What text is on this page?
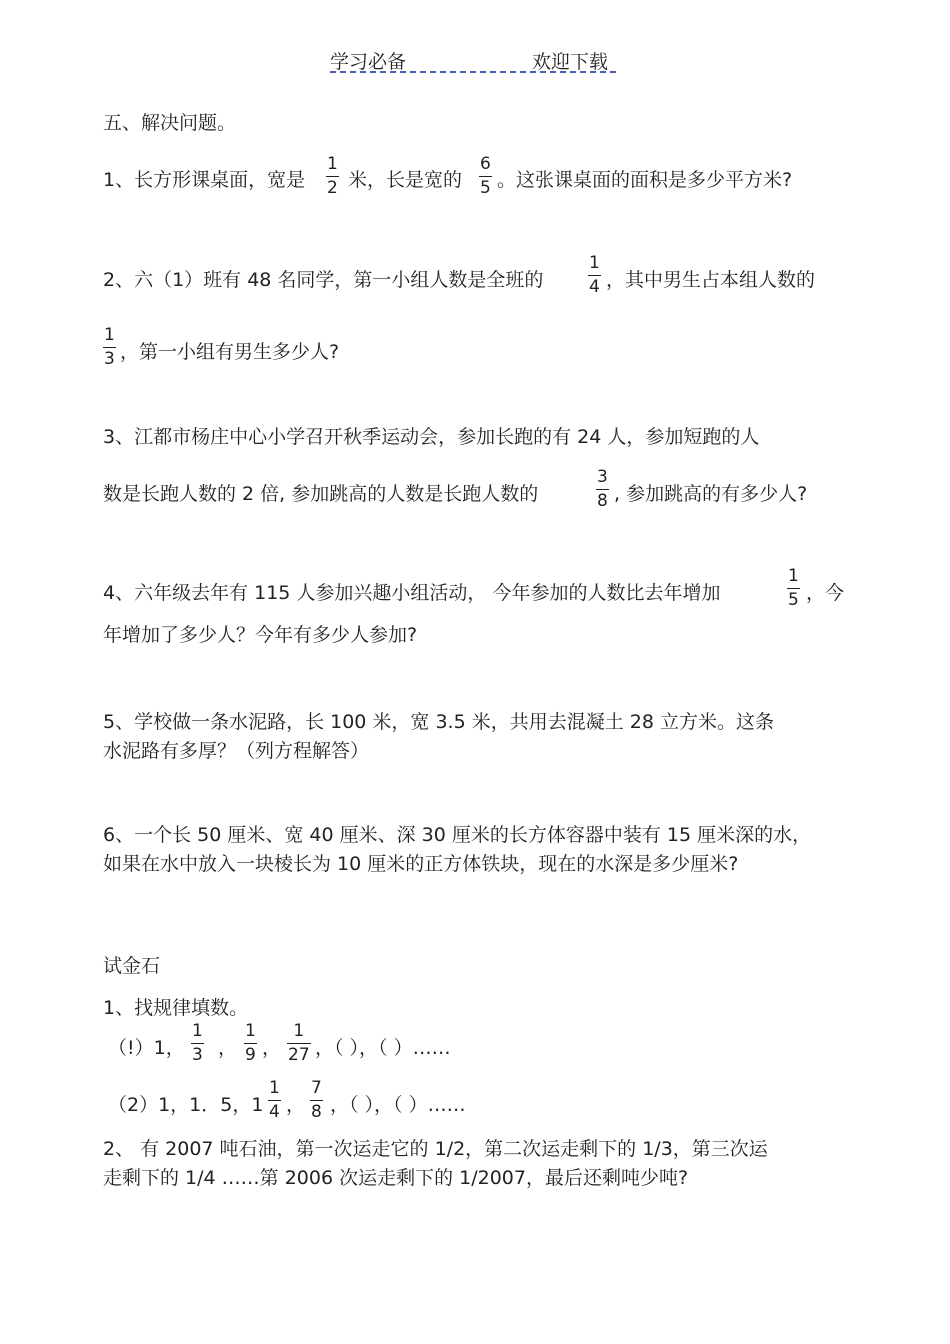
学习必备	欢迎下载
五、解决问题。
1、长方形课桌面，宽是
1
2 米，长是宽的
6
5 。这张课桌面的面积是多少平方米?
2、六（1）班有 48 名同学，第一小组人数是全班的
1
4 ，其中男生占本组人数的
1
3 ，第一小组有男生多少人?
3、江都市杨庄中心小学召开秋季运动会，参加长跑的有 24 人，参加短跑的人
数是长跑人数的 2 倍, 参加跳高的人数是长跑人数的
3
8 , 参加跳高的有多少人?
4、六年级去年有 115 人参加兴趣小组活动， 今年参加的人数比去年增加
1
5 ，今
年增加了多少人？今年有多少人参加?
5、学校做一条水泥路，长 100 米，宽 3.5 米，共用去混凝土 28 立方米。这条
水泥路有多厚？（列方程解答）
6、一个长 50 厘米、宽 40 厘米、深 30 厘米的长方体容器中装有 15 厘米深的水，
如果在水中放入一块棱长为 10 厘米的正方体铁块，现在的水深是多少厘米?
试金石
1、找规律填数。
（!）1，
1
3 ，
1
9 ，
1
27 ，（ ），（ ）……
（2）1，1．5，1
1
4 ，
7
8 ，（ ），（ ）……
2、 有 2007 吨石油，第一次运走它的 1/2，第二次运走剩下的 1/3，第三次运
走剩下的 1/4 ……第 2006 次运走剩下的 1/2007，最后还剩吨少吨?
